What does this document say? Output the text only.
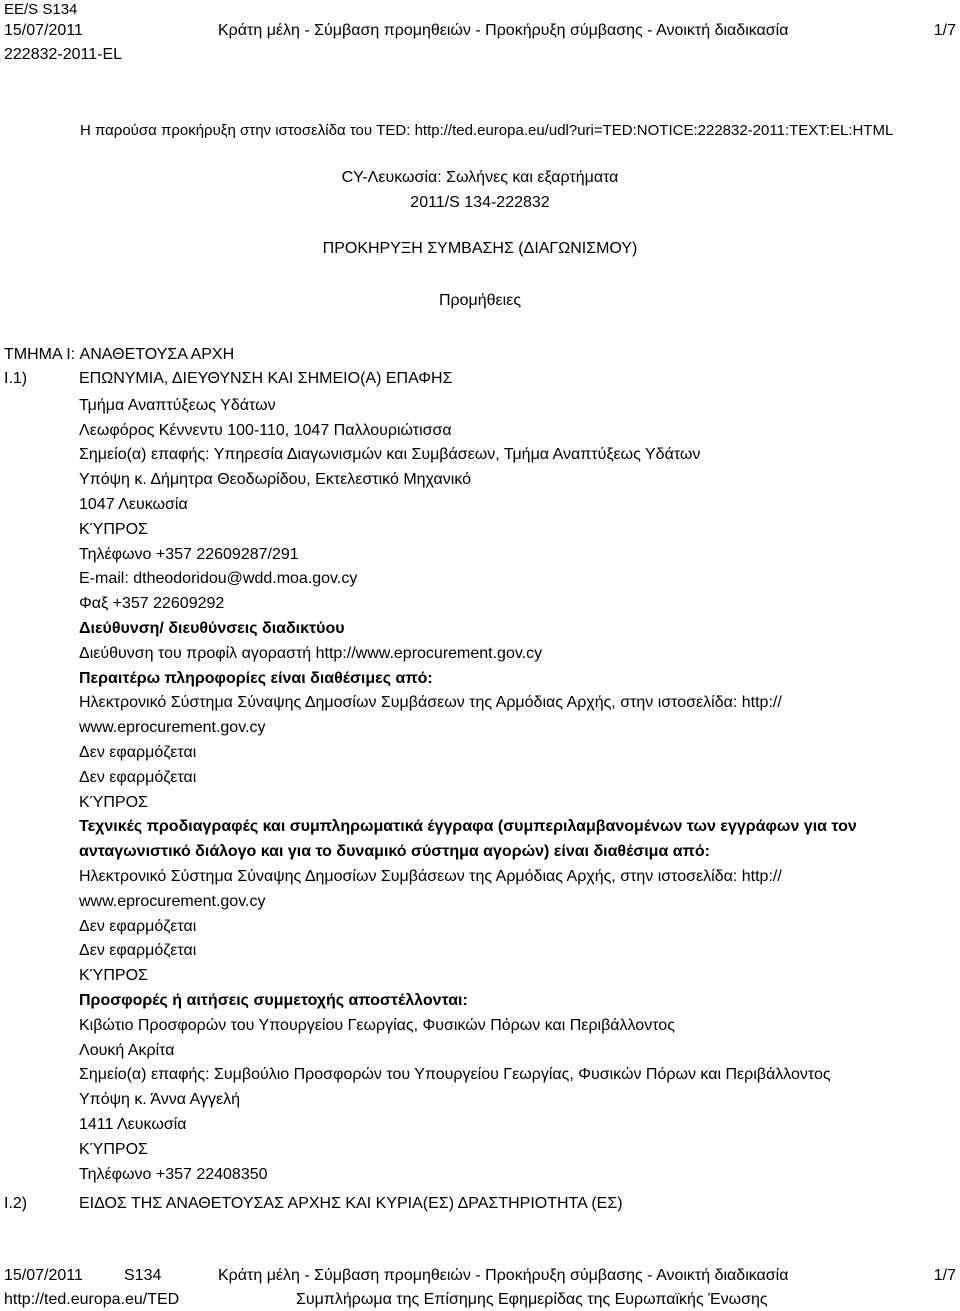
EE/S S134
15/07/2011
222832-2011-EL
Κράτη μέλη - Σύμβαση προμηθειών - Προκήρυξη σύμβασης - Ανοικτή διαδικασία	1/7
Η παρούσα προκήρυξη στην ιστοσελίδα του TED: http://ted.europa.eu/udl?uri=TED:NOTICE:222832-2011:TEXT:EL:HTML
CY-Λευκωσία: Σωλήνες και εξαρτήματα
2011/S 134-222832
ΠΡΟΚΗΡΥΞΗ ΣΥΜΒΑΣΗΣ (ΔΙΑΓΩΝΙΣΜΟΥ)
Προμήθειες
ΤΜΗΜΑ I: ΑΝΑΘΕΤΟΥΣΑ ΑΡΧΗ
I.1)	ΕΠΩΝΥΜΙΑ, ΔΙΕΥΘΥΝΣΗ ΚΑΙ ΣΗΜΕΙΟ(Α) ΕΠΑΦΗΣ
Τμήμα Αναπτύξεως Υδάτων
Λεωφόρος Κέννεντυ 100-110, 1047 Παλλουριώτισσα
Σημείο(α) επαφής: Υπηρεσία Διαγωνισμών και Συμβάσεων, Τμήμα Αναπτύξεως Υδάτων
Υπόψη κ. Δήμητρα Θεοδωρίδου, Εκτελεστικό Μηχανικό
1047 Λευκωσία
ΚΎΠΡΟΣ
Τηλέφωνο +357 22609287/291
E-mail: dtheodoridou@wdd.moa.gov.cy
Φαξ +357 22609292
Διεύθυνση/ διευθύνσεις διαδικτύου
Διεύθυνση του προφίλ αγοραστή http://www.eprocurement.gov.cy
Περαιτέρω πληροφορίες είναι διαθέσιμες από:
Ηλεκτρονικό Σύστημα Σύναψης Δημοσίων Συμβάσεων της Αρμόδιας Αρχής, στην ιστοσελίδα: http://
www.eprocurement.gov.cy
Δεν εφαρμόζεται
Δεν εφαρμόζεται
ΚΎΠΡΟΣ
Τεχνικές προδιαγραφές και συμπληρωματικά έγγραφα (συμπεριλαμβανομένων των εγγράφων για τον ανταγωνιστικό διάλογο και για το δυναμικό σύστημα αγορών) είναι διαθέσιμα από:
Ηλεκτρονικό Σύστημα Σύναψης Δημοσίων Συμβάσεων της Αρμόδιας Αρχής, στην ιστοσελίδα: http://
www.eprocurement.gov.cy
Δεν εφαρμόζεται
Δεν εφαρμόζεται
ΚΎΠΡΟΣ
Προσφορές ή αιτήσεις συμμετοχής αποστέλλονται:
Κιβώτιο Προσφορών του Υπουργείου Γεωργίας, Φυσικών Πόρων και Περιβάλλοντος
Λουκή Ακρίτα
Σημείο(α) επαφής: Συμβούλιο Προσφορών του Υπουργείου Γεωργίας, Φυσικών Πόρων και Περιβάλλοντος
Υπόψη κ. Άννα Αγγελή
1411 Λευκωσία
ΚΎΠΡΟΣ
Τηλέφωνο +357 22408350
I.2)	ΕΙΔΟΣ ΤΗΣ ΑΝΑΘΕΤΟΥΣΑΣ ΑΡΧΗΣ ΚΑΙ ΚΥΡΙΑ(ΕΣ) ΔΡΑΣΤΗΡΙΟΤΗΤΑ (ΕΣ)
15/07/2011	S134	Κράτη μέλη - Σύμβαση προμηθειών - Προκήρυξη σύμβασης - Ανοικτή διαδικασία	1/7
http://ted.europa.eu/TED	Συμπλήρωμα της Επίσημης Εφημερίδας της Ευρωπαϊκής Ένωσης
